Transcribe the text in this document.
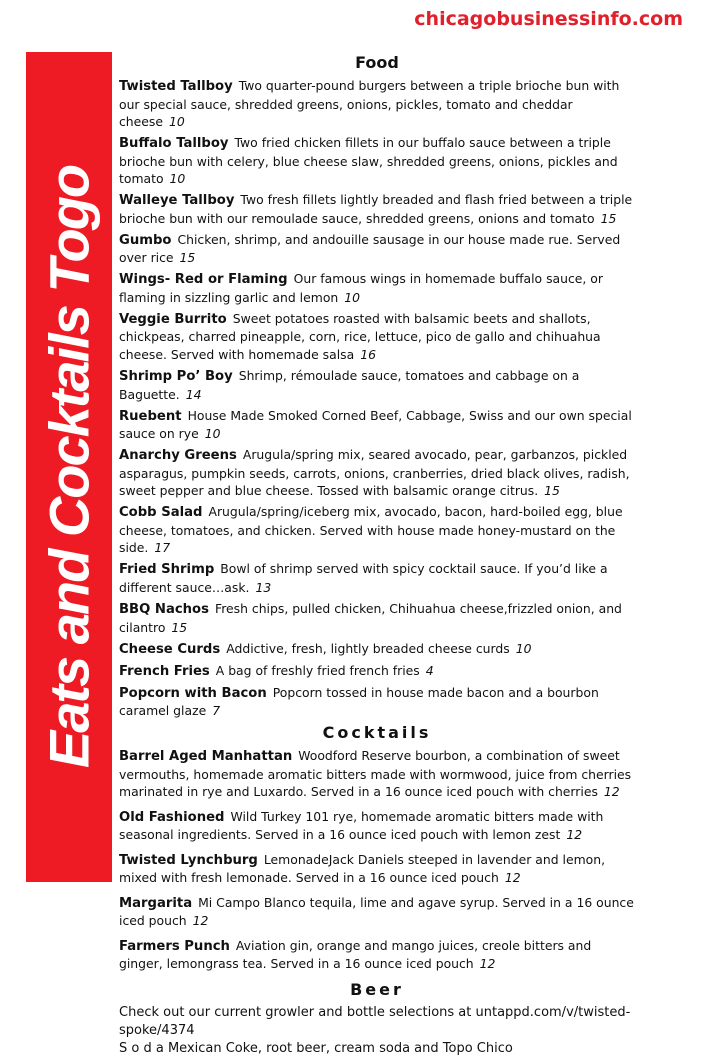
chicagobusinessinfo.com
Eats and Cocktails Togo
Food
Twisted Tallboy Two quarter-pound burgers between a triple brioche bun with our special sauce, shredded greens, onions, pickles, tomato and cheddar cheese 10
Buffalo Tallboy Two fried chicken fillets in our buffalo sauce between a triple brioche bun with celery, blue cheese slaw, shredded greens, onions, pickles and tomato 10
Walleye Tallboy Two fresh fillets lightly breaded and flash fried between a triple brioche bun with our remoulade sauce, shredded greens, onions and tomato 15
Gumbo Chicken, shrimp, and andouille sausage in our house made rue. Served over rice 15
Wings- Red or Flaming Our famous wings in homemade buffalo sauce, or flaming in sizzling garlic and lemon 10
Veggie Burrito Sweet potatoes roasted with balsamic beets and shallots, chickpeas, charred pineapple, corn, rice, lettuce, pico de gallo and chihuahua cheese. Served with homemade salsa 16
Shrimp Po’ Boy Shrimp, rémoulade sauce, tomatoes and cabbage on a Baguette. 14
Ruebent House Made Smoked Corned Beef, Cabbage, Swiss and our own special sauce on rye 10
Anarchy Greens Arugula/spring mix, seared avocado, pear, garbanzos, pickled asparagus, pumpkin seeds, carrots, onions, cranberries, dried black olives, radish, sweet pepper and blue cheese. Tossed with balsamic orange citrus. 15
Cobb Salad Arugula/spring/iceberg mix, avocado, bacon, hard-boiled egg, blue cheese, tomatoes, and chicken. Served with house made honey-mustard on the side. 17
Fried Shrimp Bowl of shrimp served with spicy cocktail sauce. If you’d like a different sauce…ask. 13
BBQ Nachos Fresh chips, pulled chicken, Chihuahua cheese,frizzled onion, and cilantro 15
Cheese Curds Addictive, fresh, lightly breaded cheese curds 10
French Fries A bag of freshly fried french fries 4
Popcorn with Bacon Popcorn tossed in house made bacon and a bourbon caramel glaze 7
Cocktails
Barrel Aged Manhattan Woodford Reserve bourbon, a combination of sweet vermouths, homemade aromatic bitters made with wormwood, juice from cherries marinated in rye and Luxardo. Served in a 16 ounce iced pouch with cherries 12
Old Fashioned Wild Turkey 101 rye, homemade aromatic bitters made with seasonal ingredients. Served in a 16 ounce iced pouch with lemon zest 12
Twisted Lynchburg LemonadeJack Daniels steeped in lavender and lemon, mixed with fresh lemonade. Served in a 16 ounce iced pouch 12
Margarita Mi Campo Blanco tequila, lime and agave syrup. Served in a 16 ounce iced pouch 12
Farmers Punch Aviation gin, orange and mango juices, creole bitters and ginger, lemongrass tea. Served in a 16 ounce iced pouch 12
Beer
Check out our current growler and bottle selections at untappd.com/v/twisted-spoke/4374
S o d a Mexican Coke, root beer, cream soda and Topo Chico
